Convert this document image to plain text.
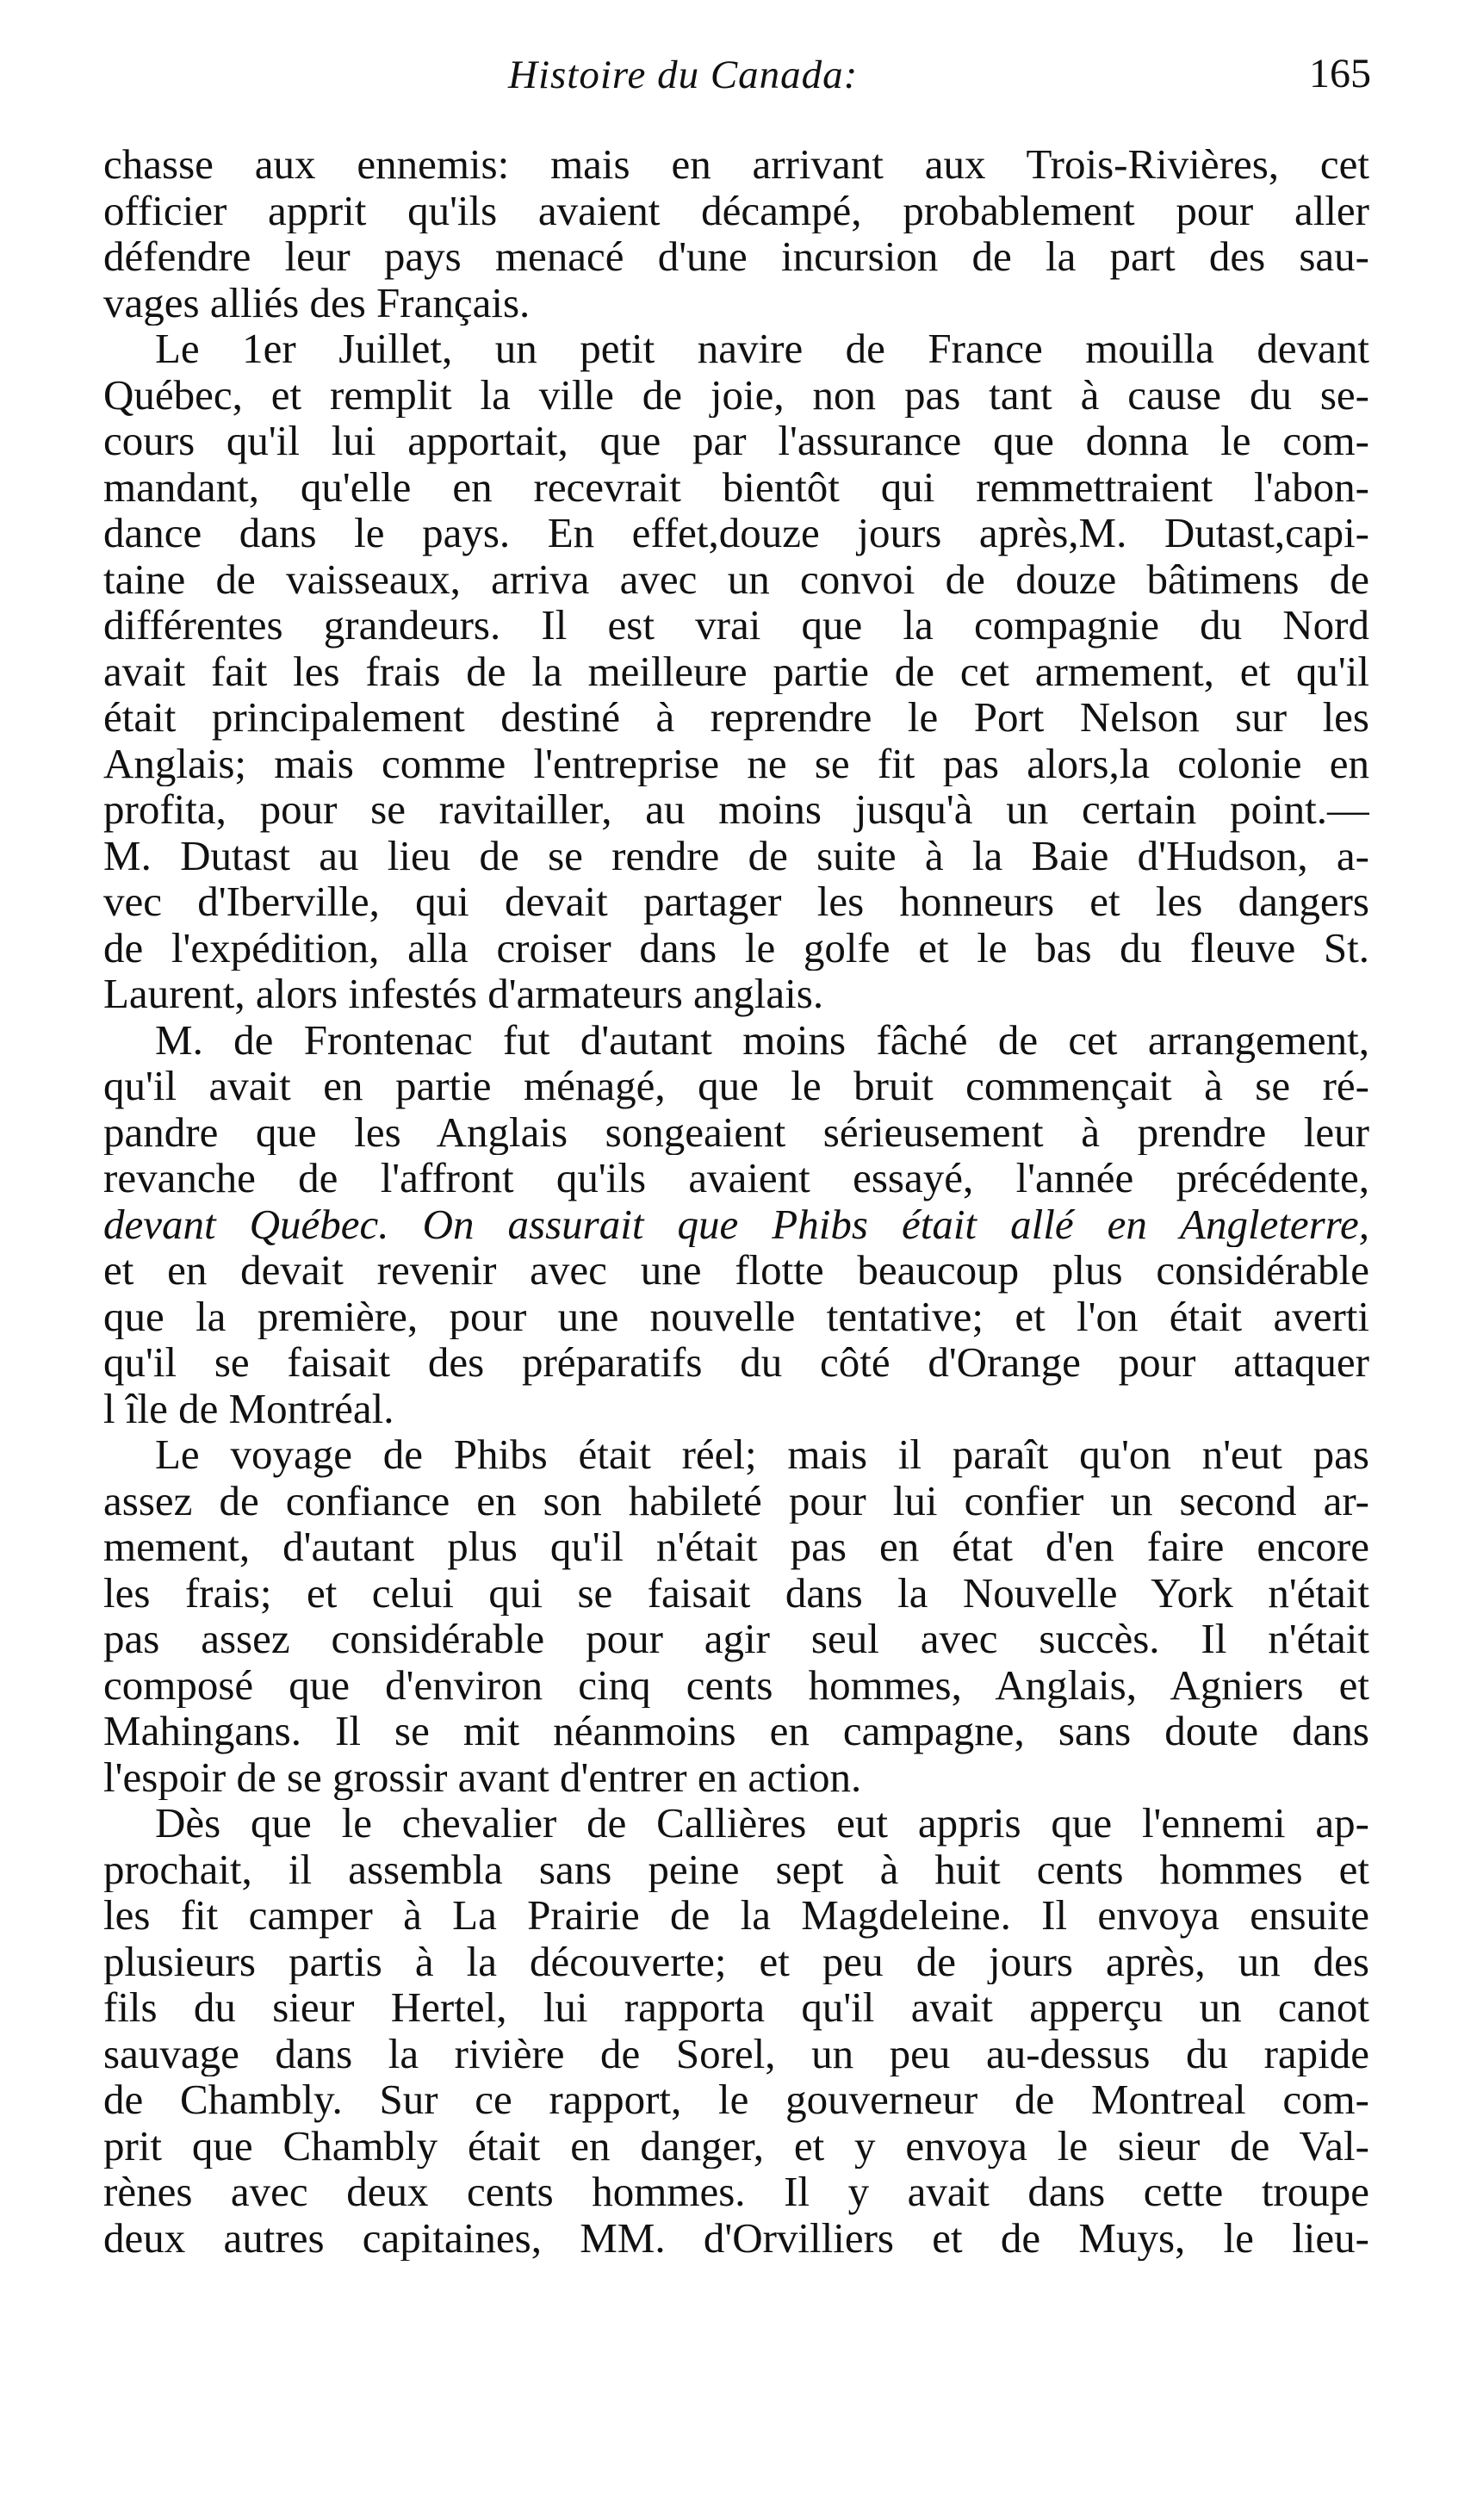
Histoire du Canada:	165
chasse aux ennemis: mais en arrivant aux Trois-Rivières, cet
officier apprit qu'ils avaient décampé, probablement pour aller
défendre leur pays menacé d'une incursion de la part des sau-
vages alliés des Français.
Le 1er Juillet, un petit navire de France mouilla devant
Québec, et remplit la ville de joie, non pas tant à cause du se-
cours qu'il lui apportait, que par l'assurance que donna le com-
mandant, qu'elle en recevrait bientôt qui remmettraient l'abon-
dance dans le pays. En effet,douze jours après,M. Dutast,capi-
taine de vaisseaux, arriva avec un convoi de douze bâtimens de
différentes grandeurs. Il est vrai que la compagnie du Nord
avait fait les frais de la meilleure partie de cet armement, et qu'il
était principalement destiné à reprendre le Port Nelson sur les
Anglais; mais comme l'entreprise ne se fit pas alors,la colonie en
profita, pour se ravitailler, au moins jusqu'à un certain point.—
M. Dutast au lieu de se rendre de suite à la Baie d'Hudson, a-
vec d'Iberville, qui devait partager les honneurs et les dangers
de l'expédition, alla croiser dans le golfe et le bas du fleuve St.
Laurent, alors infestés d'armateurs anglais.
M. de Frontenac fut d'autant moins fâché de cet arrangement,
qu'il avait en partie ménagé, que le bruit commençait à se ré-
pandre que les Anglais songeaient sérieusement à prendre leur
revanche de l'affront qu'ils avaient essayé, l'année précédente,
devant Québec. On assurait que Phibs était allé en Angleterre,
et en devait revenir avec une flotte beaucoup plus considérable
que la première, pour une nouvelle tentative; et l'on était averti
qu'il se faisait des préparatifs du côté d'Orange pour attaquer
l île de Montréal.
Le voyage de Phibs était réel; mais il paraît qu'on n'eut pas
assez de confiance en son habileté pour lui confier un second ar-
mement, d'autant plus qu'il n'était pas en état d'en faire encore
les frais; et celui qui se faisait dans la Nouvelle York n'était
pas assez considérable pour agir seul avec succès. Il n'était
composé que d'environ cinq cents hommes, Anglais, Agniers et
Mahingans. Il se mit néanmoins en campagne, sans doute dans
l'espoir de se grossir avant d'entrer en action.
Dès que le chevalier de Callières eut appris que l'ennemi ap-
prochait, il assembla sans peine sept à huit cents hommes et
les fit camper à La Prairie de la Magdeleine. Il envoya ensuite
plusieurs partis à la découverte; et peu de jours après, un des
fils du sieur Hertel, lui rapporta qu'il avait apperçu un canot
sauvage dans la rivière de Sorel, un peu au-dessus du rapide
de Chambly. Sur ce rapport, le gouverneur de Montreal com-
prit que Chambly était en danger, et y envoya le sieur de Val-
rènes avec deux cents hommes. Il y avait dans cette troupe
deux autres capitaines, MM. d'Orvilliers et de Muys, le lieu-
